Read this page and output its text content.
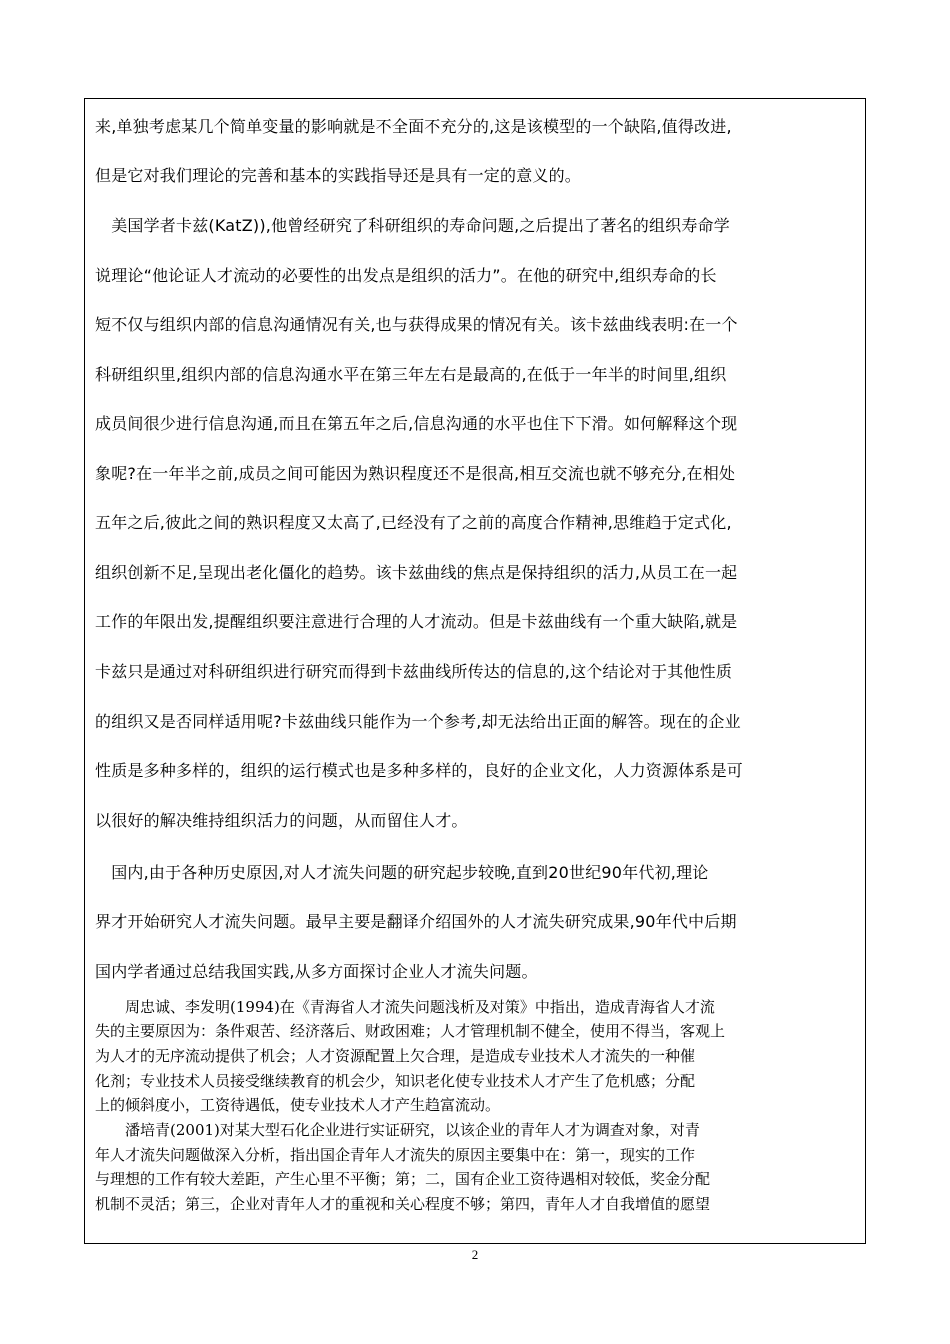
来,单独考虑某几个简单变量的影响就是不全面不充分的,这是该模型的一个缺陷,值得改进,
但是它对我们理论的完善和基本的实践指导还是具有一定的意义的。
　美国学者卡兹(KatZ)),他曾经研究了科研组织的寿命问题,之后提出了著名的组织寿命学
说理论“他论证人才流动的必要性的出发点是组织的活力”。在他的研究中,组织寿命的长
短不仅与组织内部的信息沟通情况有关,也与获得成果的情况有关。该卡兹曲线表明:在一个
科研组织里,组织内部的信息沟通水平在第三年左右是最高的,在低于一年半的时间里,组织
成员间很少进行信息沟通,而且在第五年之后,信息沟通的水平也住下下滑。如何解释这个现
象呢?在一年半之前,成员之间可能因为熟识程度还不是很高,相互交流也就不够充分,在相处
五年之后,彼此之间的熟识程度又太高了,已经没有了之前的高度合作精神,思维趋于定式化,
组织创新不足,呈现出老化僵化的趋势。该卡兹曲线的焦点是保持组织的活力,从员工在一起
工作的年限出发,提醒组织要注意进行合理的人才流动。但是卡兹曲线有一个重大缺陷,就是
卡兹只是通过对科研组织进行研究而得到卡兹曲线所传达的信息的,这个结论对于其他性质
的组织又是否同样适用呢?卡兹曲线只能作为一个参考,却无法给出正面的解答。现在的企业
性质是多种多样的，组织的运行模式也是多种多样的，良好的企业文化，人力资源体系是可
以很好的解决维持组织活力的问题，从而留住人才。
　国内,由于各种历史原因,对人才流失问题的研究起步较晚,直到20世纪90年代初,理论
界才开始研究人才流失问题。最早主要是翻译介绍国外的人才流失研究成果,90年代中后期
国内学者通过总结我国实践,从多方面探讨企业人才流失问题。
　　周忠诚、李发明(1994)在《青海省人才流失问题浅析及对策》中指出，造成青海省人才流
失的主要原因为：条件艰苦、经济落后、财政困难；人才管理机制不健全，使用不得当，客观上
为人才的无序流动提供了机会；人才资源配置上欠合理，是造成专业技术人才流失的一种催
化剂；专业技术人员接受继续教育的机会少，知识老化使专业技术人才产生了危机感；分配
上的倾斜度小，工资待遇低，使专业技术人才产生趋富流动。
　　潘培青(2001)对某大型石化企业进行实证研究，以该企业的青年人才为调查对象，对青
年人才流失问题做深入分析，指出国企青年人才流失的原因主要集中在：第一，现实的工作
与理想的工作有较大差距，产生心里不平衡；第；二，国有企业工资待遇相对较低，奖金分配
机制不灵活；第三，企业对青年人才的重视和关心程度不够；第四，青年人才自我增值的愿望
2
